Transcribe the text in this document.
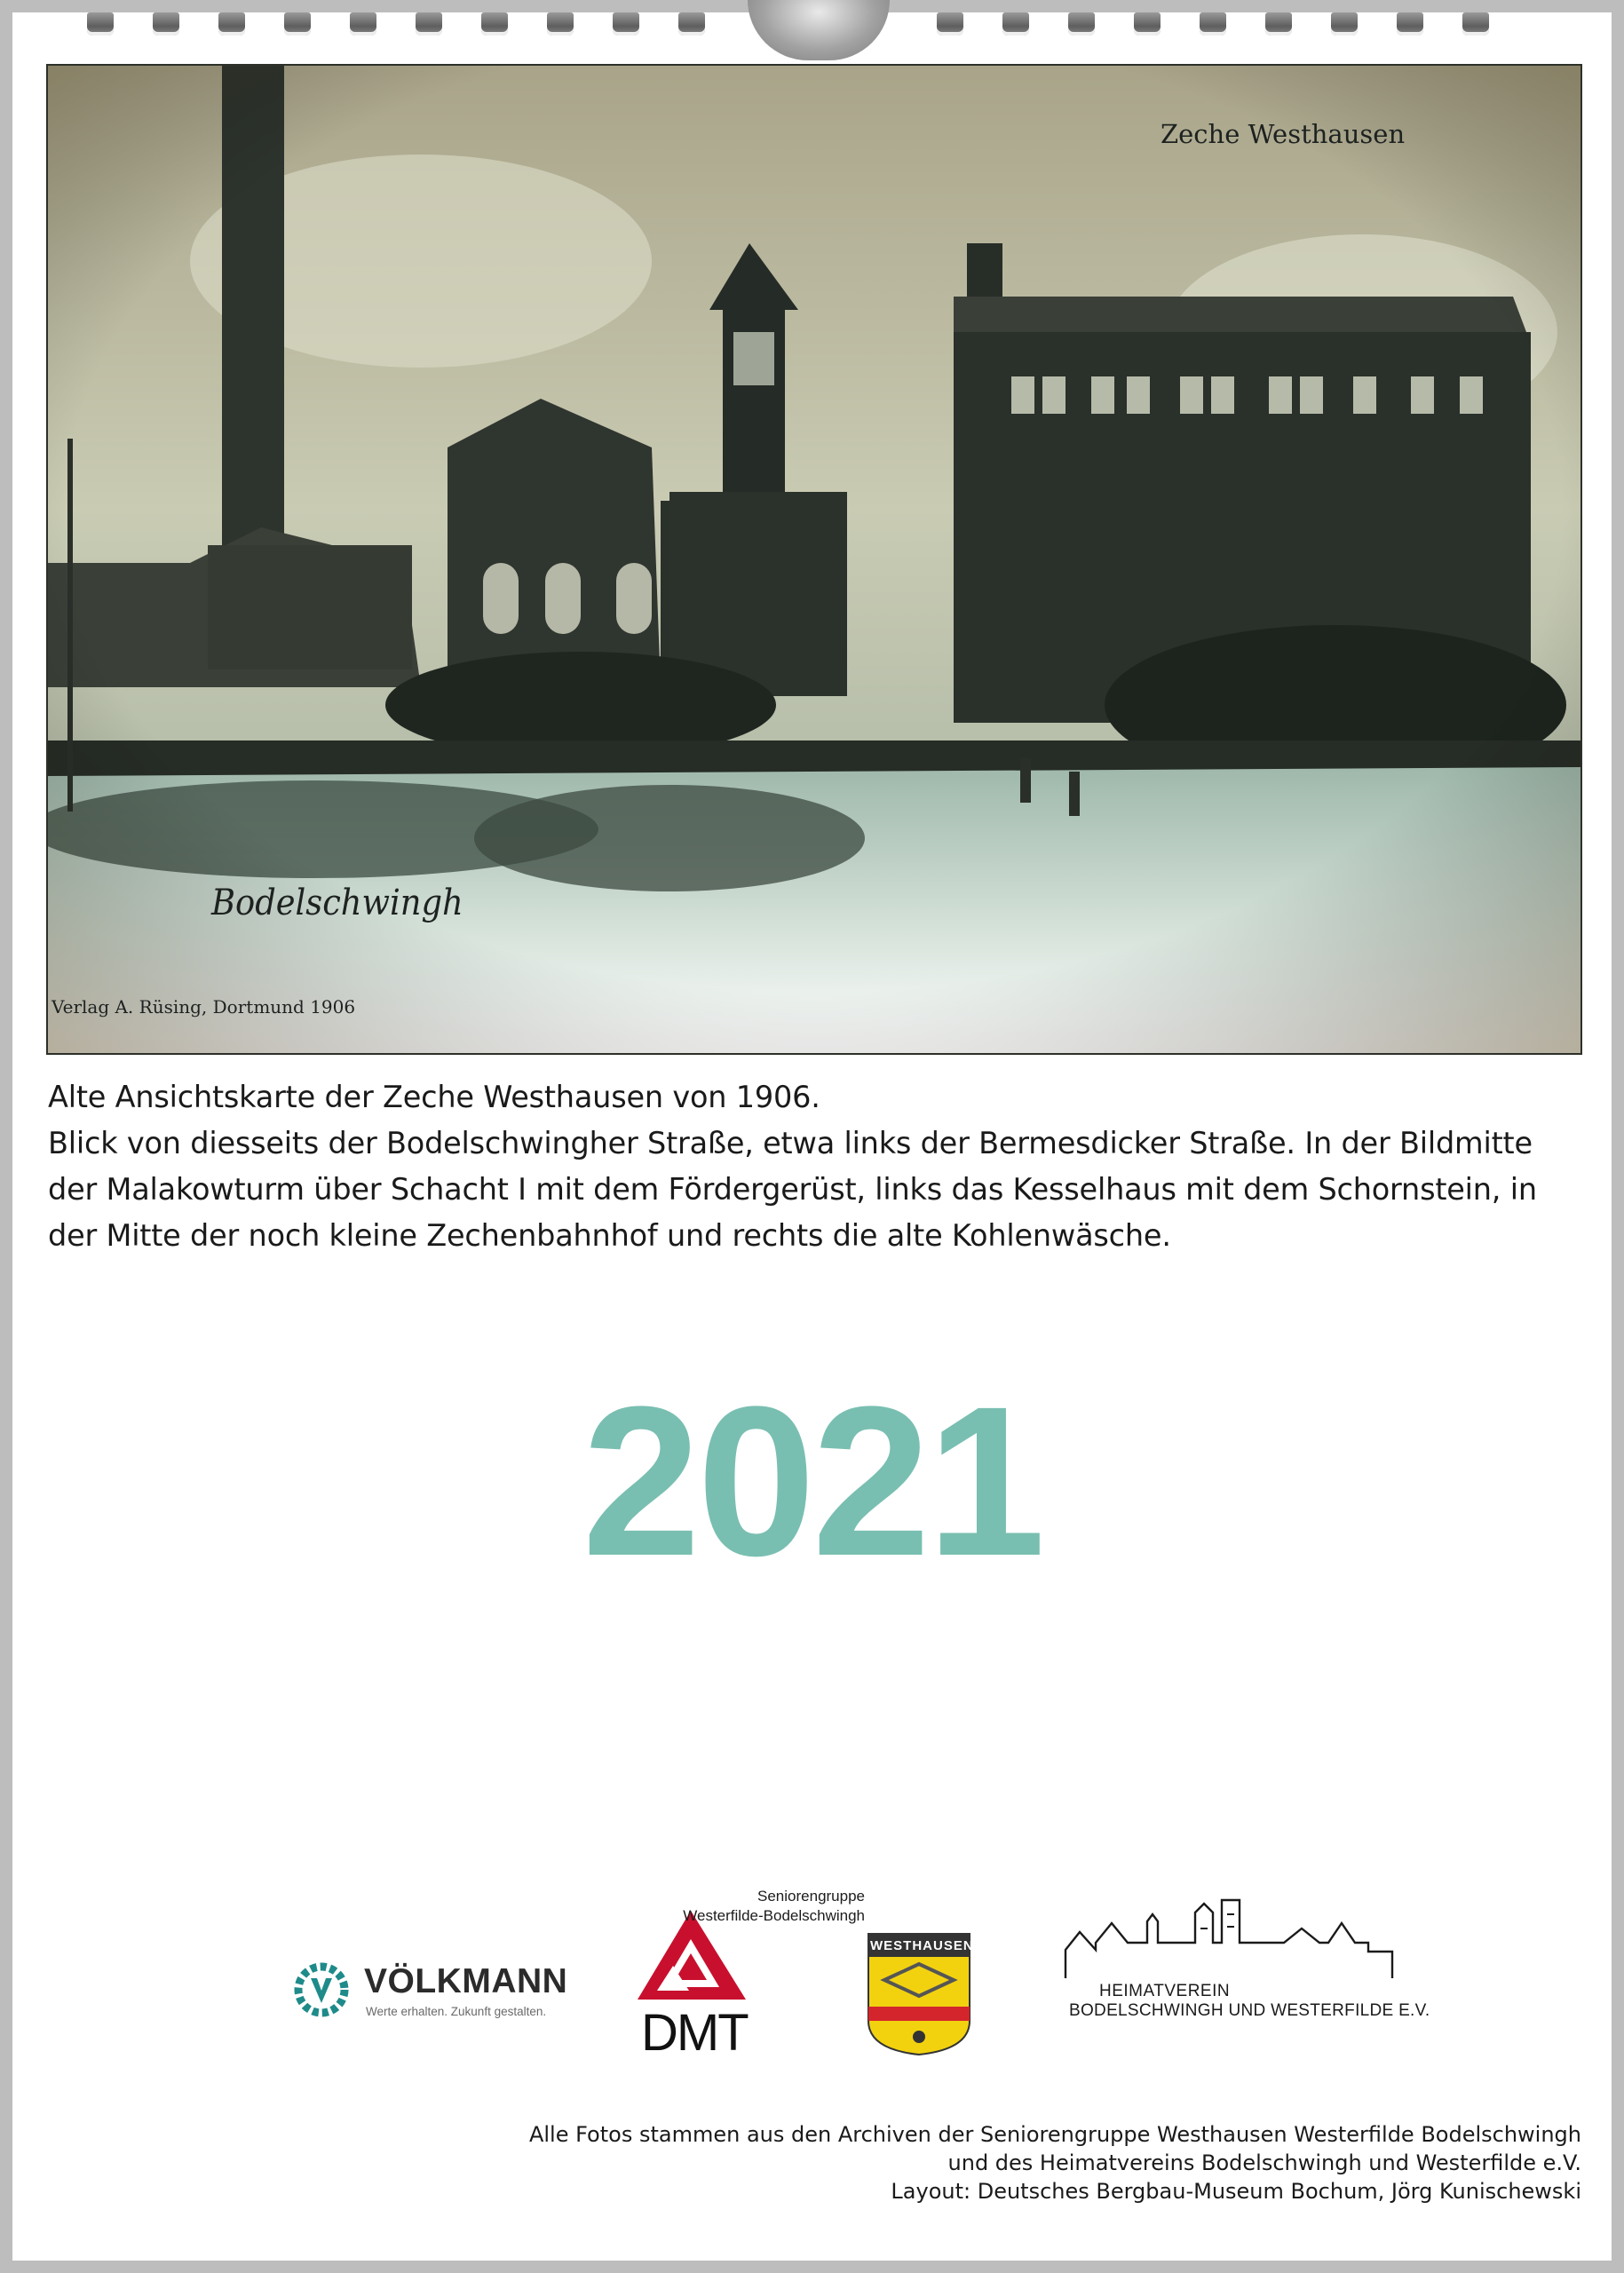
Zeche Westhausen
Bodelschwingh
Verlag A. Rüsing, Dortmund 1906
Alte Ansichtskarte der Zeche Westhausen von 1906.
Blick von diesseits der Bodelschwingher Straße, etwa links der Bermesdicker Straße. In der Bildmitte
der Malakowturm über Schacht I mit dem Fördergerüst, links das Kesselhaus mit dem Schornstein, in
der Mitte der noch kleine Zechenbahnhof und rechts die alte Kohlenwäsche.
2021
VÖLKMANN
Werte erhalten. Zukunft gestalten. DMT
Seniorengruppe
Westerfilde-Bodelschwingh
WESTHAUSEN
HEIMATVEREIN
BODELSCHWINGH UND WESTERFILDE E.V.
Alle Fotos stammen aus den Archiven der Seniorengruppe Westhausen Westerfilde Bodelschwingh
und des Heimatvereins Bodelschwingh und Westerfilde e.V.
Layout: Deutsches Bergbau-Museum Bochum, Jörg Kunischewski
